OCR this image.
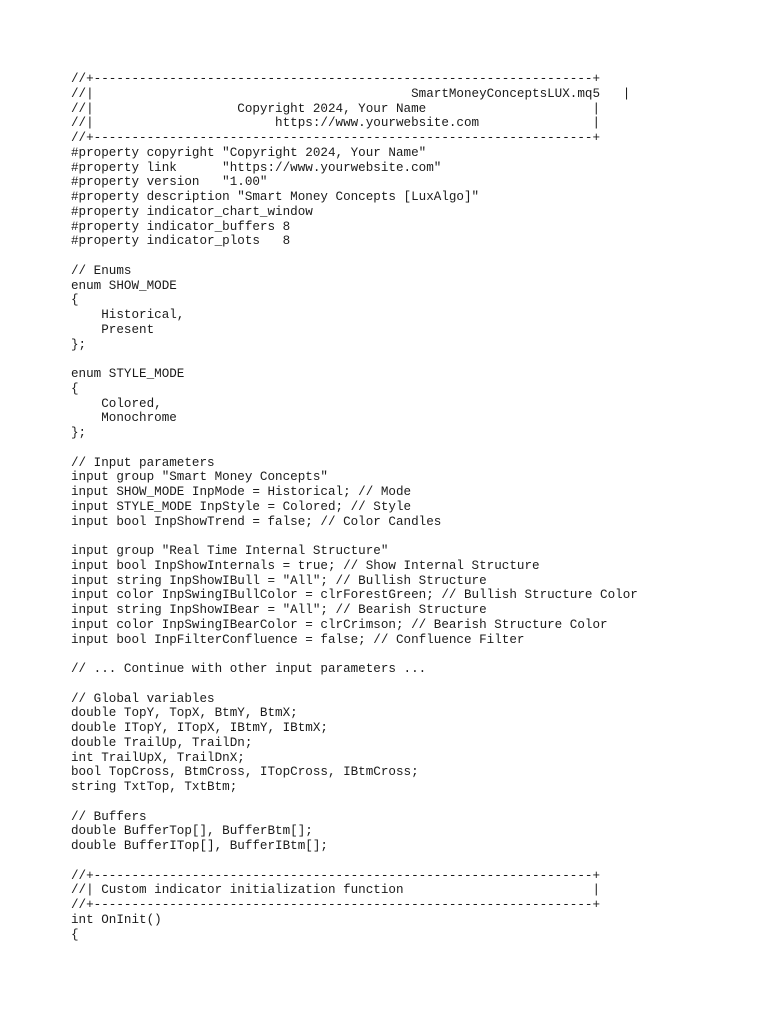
//+------------------------------------------------------------------+
//|                                          SmartMoneyConceptsLUX.mq5   |
//|                   Copyright 2024, Your Name                      |
//|                        https://www.yourwebsite.com               |
//+------------------------------------------------------------------+
#property copyright "Copyright 2024, Your Name"
#property link      "https://www.yourwebsite.com"
#property version   "1.00"
#property description "Smart Money Concepts [LuxAlgo]"
#property indicator_chart_window
#property indicator_buffers 8
#property indicator_plots   8
// Enums
enum SHOW_MODE
{
Historical,
Present
};
enum STYLE_MODE
{
Colored,
Monochrome
};
// Input parameters
input group "Smart Money Concepts"
input SHOW_MODE InpMode = Historical; // Mode
input STYLE_MODE InpStyle = Colored; // Style
input bool InpShowTrend = false; // Color Candles
input group "Real Time Internal Structure"
input bool InpShowInternals = true; // Show Internal Structure
input string InpShowIBull = "All"; // Bullish Structure
input color InpSwingIBullColor = clrForestGreen; // Bullish Structure Color
input string InpShowIBear = "All"; // Bearish Structure
input color InpSwingIBearColor = clrCrimson; // Bearish Structure Color
input bool InpFilterConfluence = false; // Confluence Filter
// ... Continue with other input parameters ...
// Global variables
double TopY, TopX, BtmY, BtmX;
double ITopY, ITopX, IBtmY, IBtmX;
double TrailUp, TrailDn;
int TrailUpX, TrailDnX;
bool TopCross, BtmCross, ITopCross, IBtmCross;
string TxtTop, TxtBtm;
// Buffers
double BufferTop[], BufferBtm[];
double BufferITop[], BufferIBtm[];
//+------------------------------------------------------------------+
//| Custom indicator initialization function                         |
//+------------------------------------------------------------------+
int OnInit()
{
